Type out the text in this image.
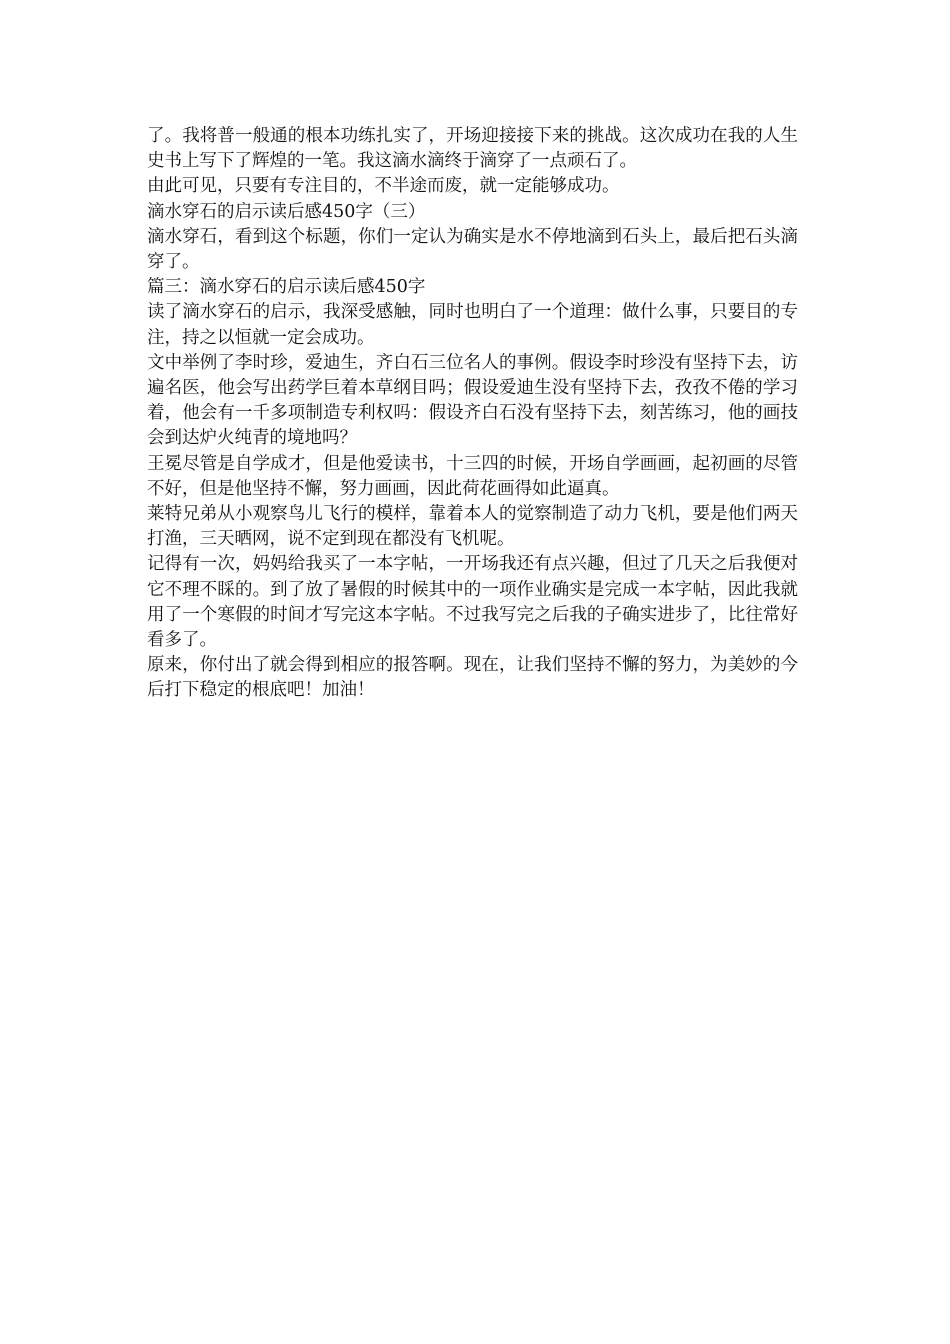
了。我将普一般通的根本功练扎实了，开场迎接接下来的挑战。这次成功在我的人生史书上写下了辉煌的一笔。我这滴水滴终于滴穿了一点顽石了。

由此可见，只要有专注目的，不半途而废，就一定能够成功。

滴水穿石的启示读后感450字（三）

滴水穿石，看到这个标题，你们一定认为确实是水不停地滴到石头上，最后把石头滴穿了。

篇三：滴水穿石的启示读后感450字

读了滴水穿石的启示，我深受感触，同时也明白了一个道理：做什么事，只要目的专注，持之以恒就一定会成功。

文中举例了李时珍，爱迪生，齐白石三位名人的事例。假设李时珍没有坚持下去，访遍名医，他会写出药学巨着本草纲目吗；假设爱迪生没有坚持下去，孜孜不倦的学习着，他会有一千多项制造专利权吗：假设齐白石没有坚持下去，刻苦练习，他的画技会到达炉火纯青的境地吗？

王冕尽管是自学成才，但是他爱读书，十三四的时候，开场自学画画，起初画的尽管不好，但是他坚持不懈，努力画画，因此荷花画得如此逼真。

莱特兄弟从小观察鸟儿飞行的模样，靠着本人的觉察制造了动力飞机，要是他们两天打渔，三天晒网，说不定到现在都没有飞机呢。

记得有一次，妈妈给我买了一本字帖，一开场我还有点兴趣，但过了几天之后我便对它不理不睬的。到了放了暑假的时候其中的一项作业确实是完成一本字帖，因此我就用了一个寒假的时间才写完这本字帖。不过我写完之后我的子确实进步了，比往常好看多了。

原来，你付出了就会得到相应的报答啊。现在，让我们坚持不懈的努力，为美妙的今后打下稳定的根底吧！加油！
